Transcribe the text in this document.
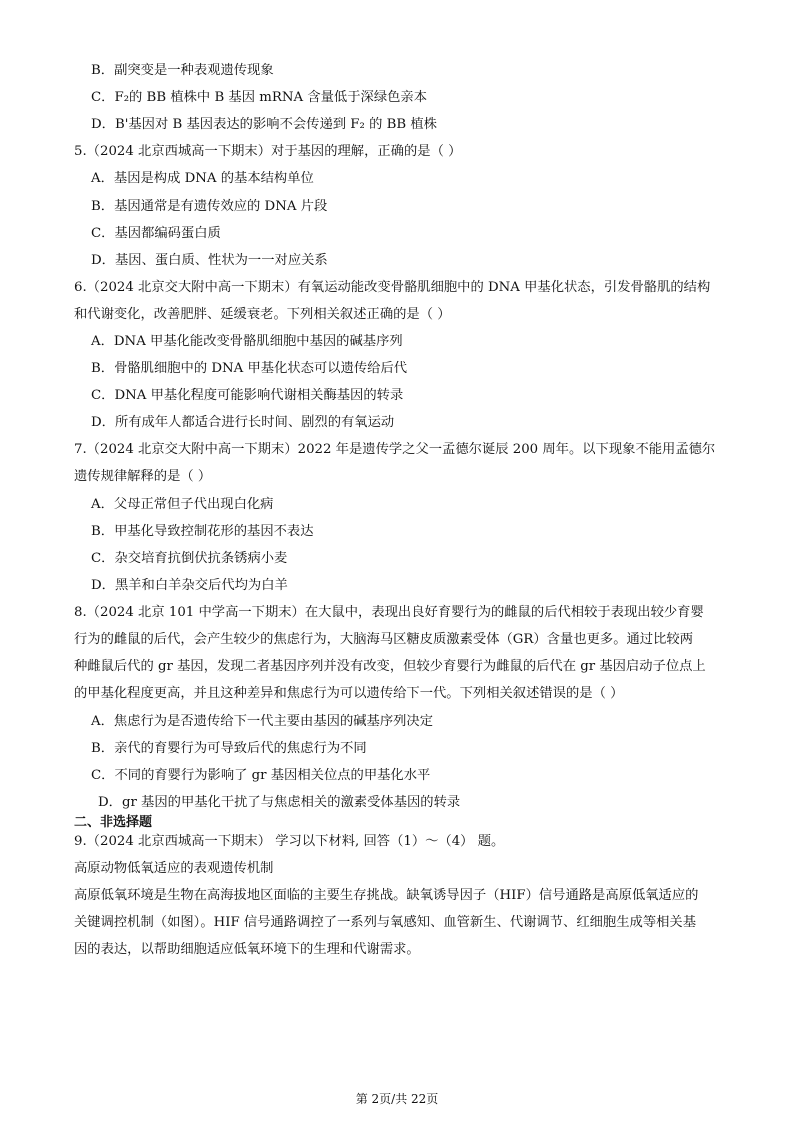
B．副突变是一种表观遗传现象
C．F₂的 BB 植株中 B 基因 mRNA 含量低于深绿色亲本
D．B'基因对 B 基因表达的影响不会传递到 F₂ 的 BB 植株
5.（2024 北京西城高一下期末）对于基因的理解，正确的是（ ）
A．基因是构成 DNA 的基本结构单位
B．基因通常是有遗传效应的 DNA 片段
C．基因都编码蛋白质
D．基因、蛋白质、性状为一一对应关系
6.（2024 北京交大附中高一下期末）有氧运动能改变骨骼肌细胞中的 DNA 甲基化状态，引发骨骼肌的结构
和代谢变化，改善肥胖、延缓衰老。下列相关叙述正确的是（ ）
A．DNA 甲基化能改变骨骼肌细胞中基因的碱基序列
B．骨骼肌细胞中的 DNA 甲基化状态可以遗传给后代
C．DNA 甲基化程度可能影响代谢相关酶基因的转录
D．所有成年人都适合进行长时间、剧烈的有氧运动
7.（2024 北京交大附中高一下期末）2022 年是遗传学之父一孟德尔诞辰 200 周年。以下现象不能用孟德尔
遗传规律解释的是（ ）
A．父母正常但子代出现白化病
B．甲基化导致控制花形的基因不表达
C．杂交培育抗倒伏抗条锈病小麦
D．黑羊和白羊杂交后代均为白羊
8.（2024 北京 101 中学高一下期末）在大鼠中，表现出良好育婴行为的雌鼠的后代相较于表现出较少育婴
行为的雌鼠的后代，会产生较少的焦虑行为，大脑海马区糖皮质激素受体（GR）含量也更多。通过比较两
种雌鼠后代的 gr 基因，发现二者基因序列并没有改变，但较少育婴行为雌鼠的后代在 gr 基因启动子位点上
的甲基化程度更高，并且这种差异和焦虑行为可以遗传给下一代。下列相关叙述错误的是（ ）
A．焦虑行为是否遗传给下一代主要由基因的碱基序列决定
B．亲代的育婴行为可导致后代的焦虑行为不同
C．不同的育婴行为影响了 gr 基因相关位点的甲基化水平
D．gr 基因的甲基化干扰了与焦虑相关的激素受体基因的转录
二、非选择题
9.（2024 北京西城高一下期末） 学习以下材料, 回答（1）～（4） 题。
高原动物低氧适应的表观遗传机制
高原低氧环境是生物在高海拔地区面临的主要生存挑战。缺氧诱导因子（HIF）信号通路是高原低氧适应的
关键调控机制（如图）。HIF 信号通路调控了一系列与氧感知、血管新生、代谢调节、红细胞生成等相关基
因的表达，以帮助细胞适应低氧环境下的生理和代谢需求。
第 2页/共 22页
